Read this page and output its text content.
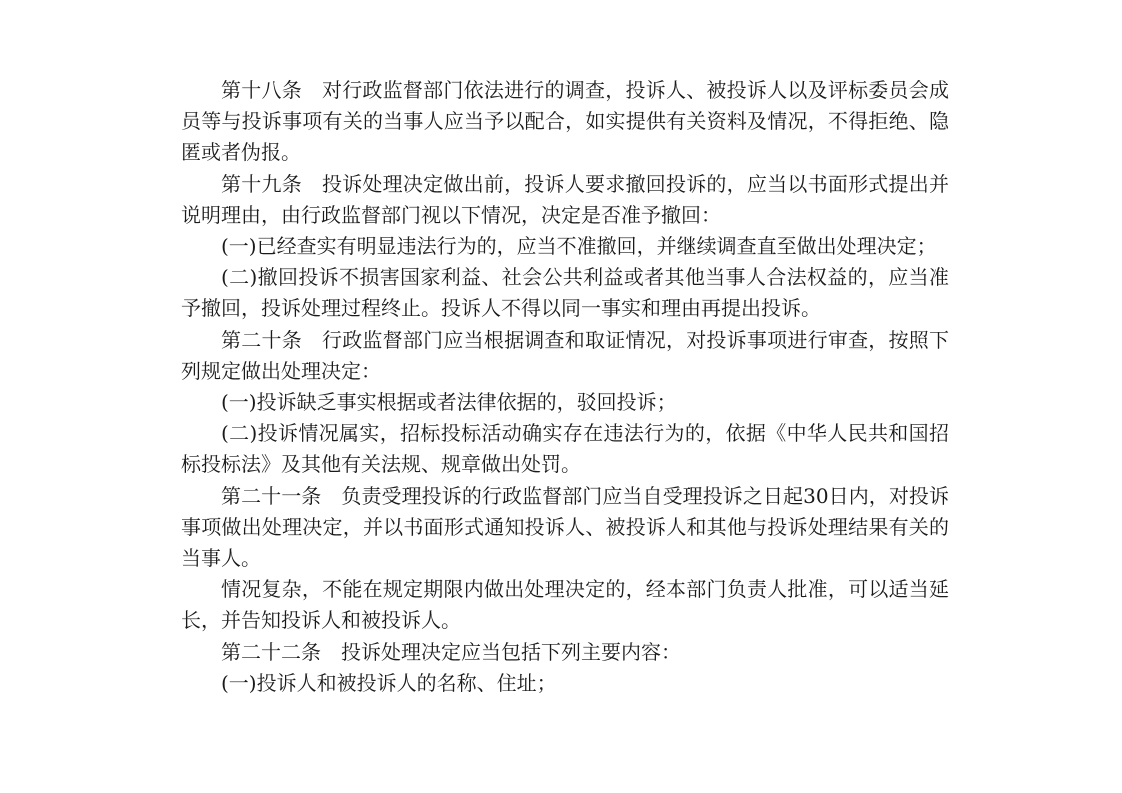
第十八条 对行政监督部门依法进行的调查，投诉人、被投诉人以及评标委员会成员等与投诉事项有关的当事人应当予以配合，如实提供有关资料及情况，不得拒绝、隐匿或者伪报。

第十九条 投诉处理决定做出前，投诉人要求撤回投诉的，应当以书面形式提出并说明理由，由行政监督部门视以下情况，决定是否准予撤回：

(一)已经查实有明显违法行为的，应当不准撤回，并继续调查直至做出处理决定；

(二)撤回投诉不损害国家利益、社会公共利益或者其他当事人合法权益的，应当准予撤回，投诉处理过程终止。投诉人不得以同一事实和理由再提出投诉。

第二十条 行政监督部门应当根据调查和取证情况，对投诉事项进行审查，按照下列规定做出处理决定：

(一)投诉缺乏事实根据或者法律依据的，驳回投诉；

(二)投诉情况属实，招标投标活动确实存在违法行为的，依据《中华人民共和国招标投标法》及其他有关法规、规章做出处罚。

第二十一条 负责受理投诉的行政监督部门应当自受理投诉之日起30日内，对投诉事项做出处理决定，并以书面形式通知投诉人、被投诉人和其他与投诉处理结果有关的当事人。

情况复杂，不能在规定期限内做出处理决定的，经本部门负责人批准，可以适当延长，并告知投诉人和被投诉人。

第二十二条 投诉处理决定应当包括下列主要内容：

(一)投诉人和被投诉人的名称、住址；
